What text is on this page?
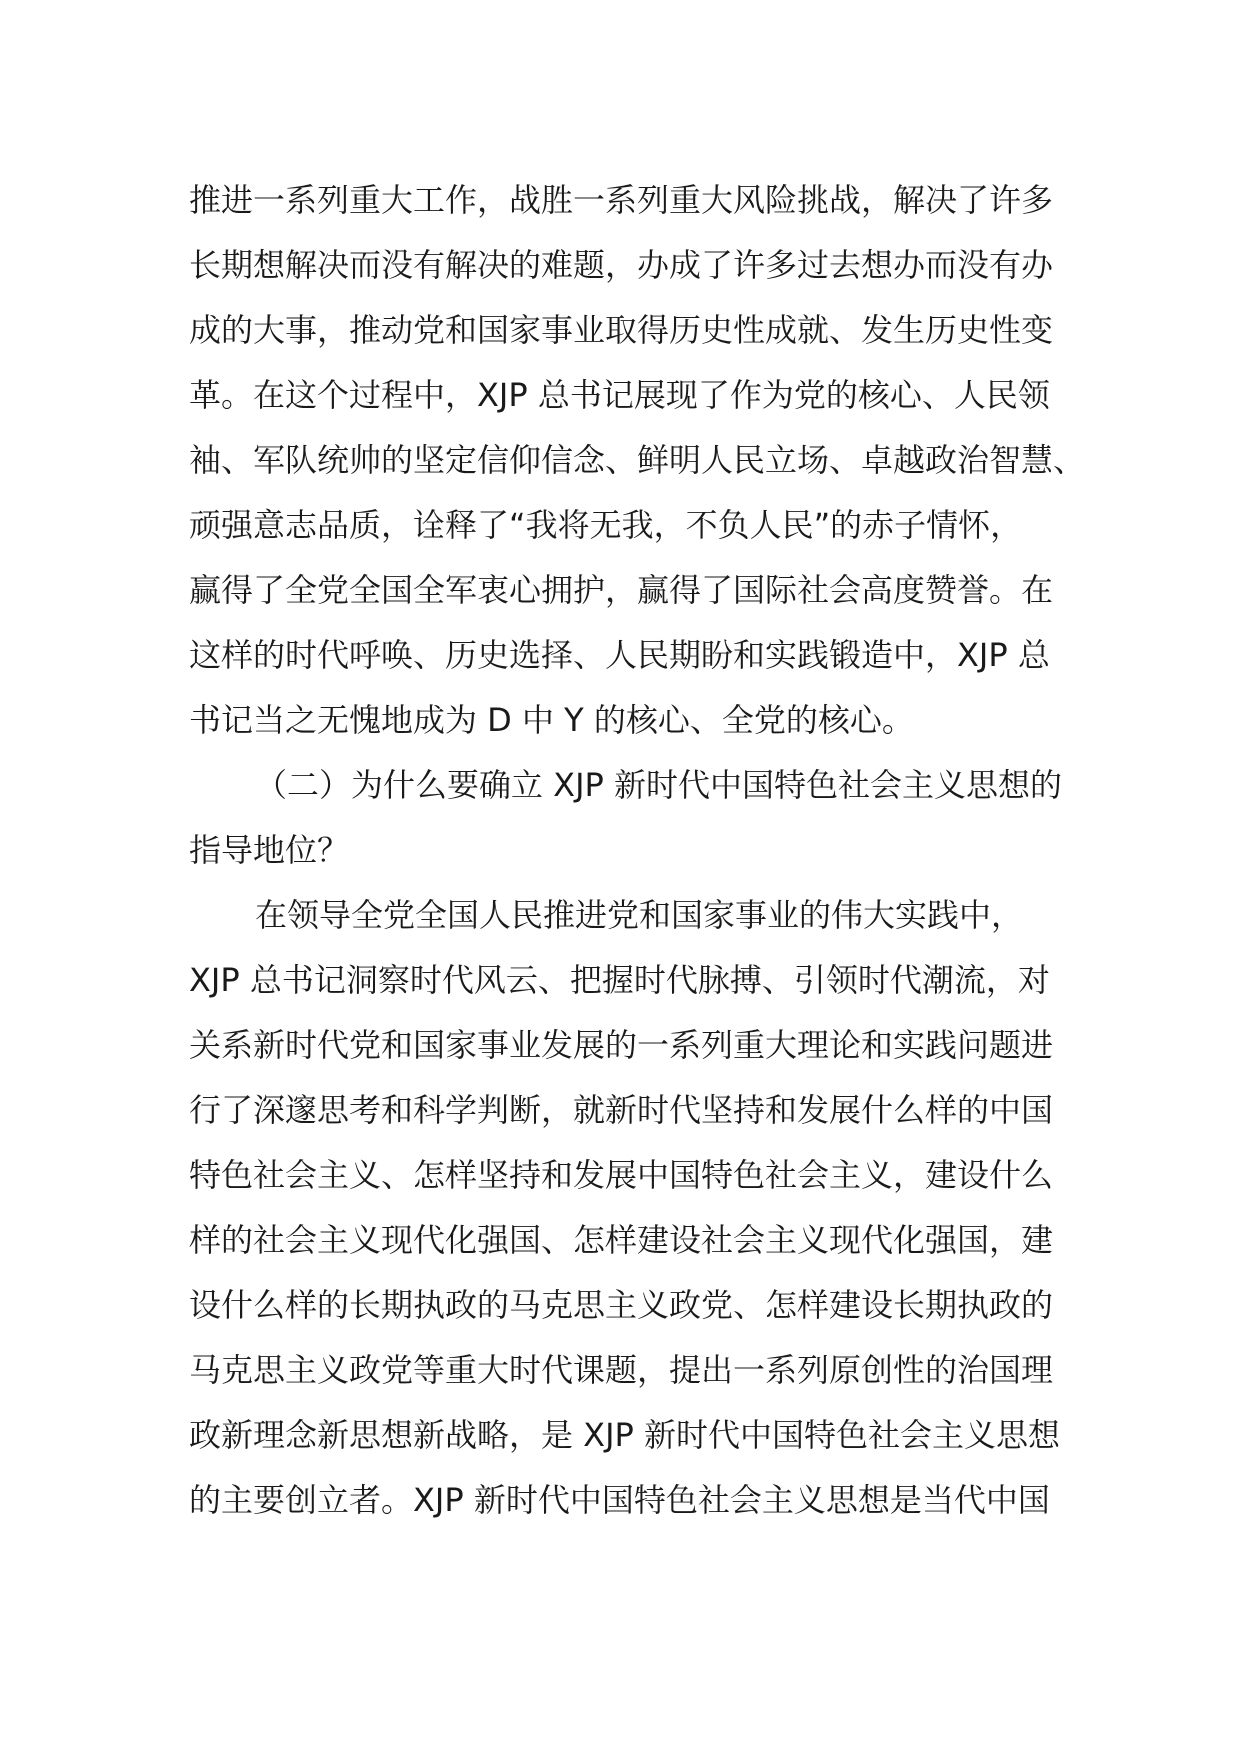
推进一系列重大工作，战胜一系列重大风险挑战，解决了许多
长期想解决而没有解决的难题，办成了许多过去想办而没有办
成的大事，推动党和国家事业取得历史性成就、发生历史性变
革。在这个过程中，XJP 总书记展现了作为党的核心、人民领
袖、军队统帅的坚定信仰信念、鲜明人民立场、卓越政治智慧、
顽强意志品质，诠释了“我将无我，不负人民”的赤子情怀，
赢得了全党全国全军衷心拥护，赢得了国际社会高度赞誉。在
这样的时代呼唤、历史选择、人民期盼和实践锻造中，XJP 总
书记当之无愧地成为 D 中 Y 的核心、全党的核心。
（二）为什么要确立 XJP 新时代中国特色社会主义思想的
指导地位？
在领导全党全国人民推进党和国家事业的伟大实践中，
XJP 总书记洞察时代风云、把握时代脉搏、引领时代潮流，对
关系新时代党和国家事业发展的一系列重大理论和实践问题进
行了深邃思考和科学判断，就新时代坚持和发展什么样的中国
特色社会主义、怎样坚持和发展中国特色社会主义，建设什么
样的社会主义现代化强国、怎样建设社会主义现代化强国，建
设什么样的长期执政的马克思主义政党、怎样建设长期执政的
马克思主义政党等重大时代课题，提出一系列原创性的治国理
政新理念新思想新战略，是 XJP 新时代中国特色社会主义思想
的主要创立者。XJP 新时代中国特色社会主义思想是当代中国
